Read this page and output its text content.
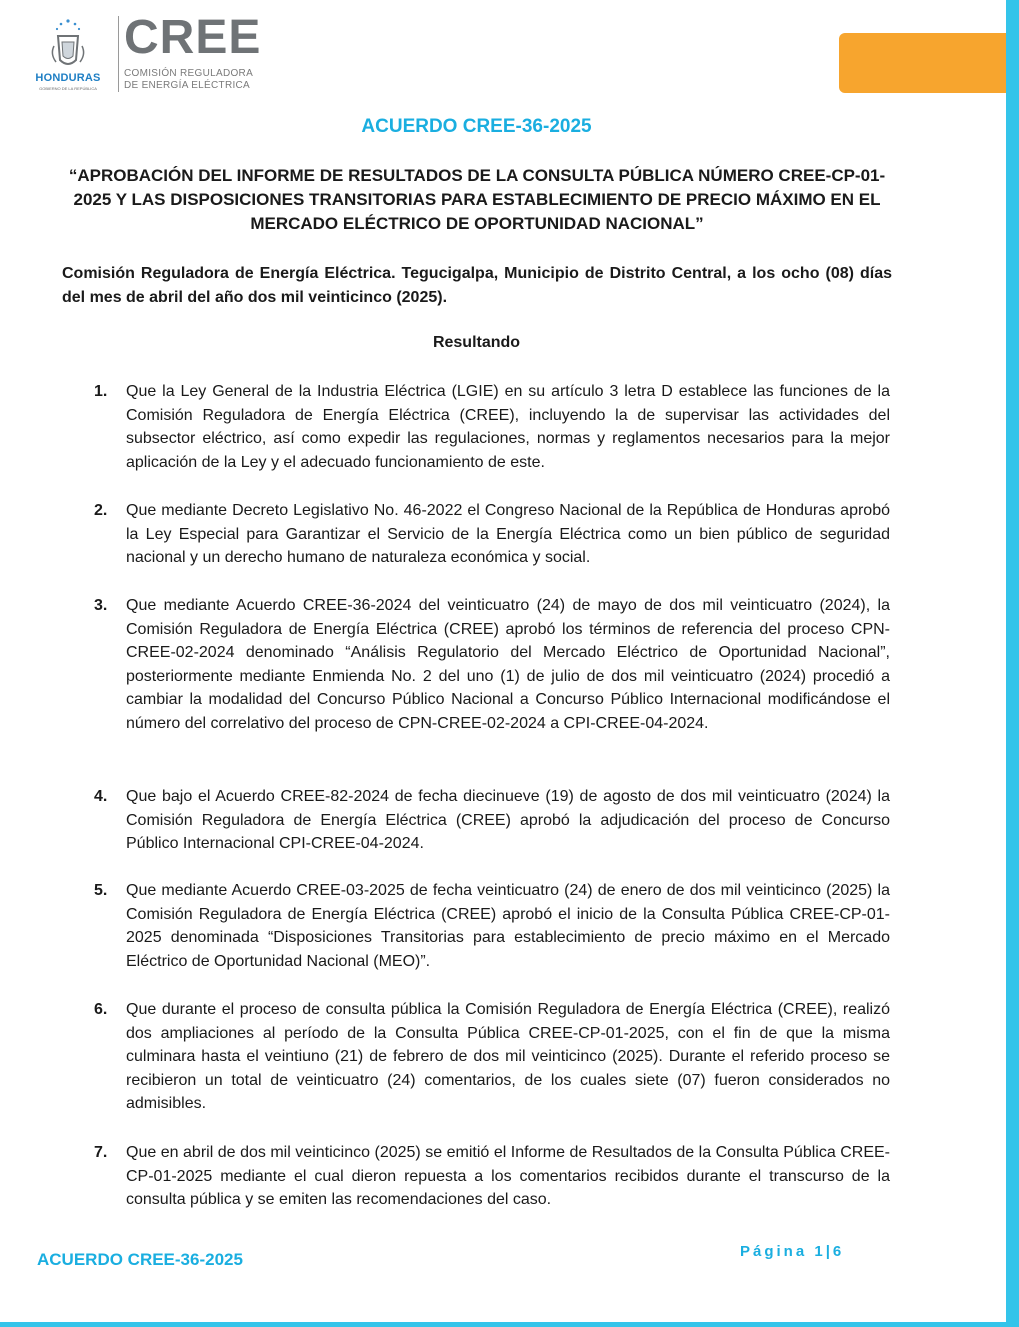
HONDURAS
GOBIERNO DE LA REPÚBLICA
CREE
COMISIÓN REGULADORA
DE ENERGÍA ELÉCTRICA
ACUERDO CREE-36-2025
“APROBACIÓN DEL INFORME DE RESULTADOS DE LA CONSULTA PÚBLICA NÚMERO CREE-CP-01-2025 Y LAS DISPOSICIONES TRANSITORIAS PARA ESTABLECIMIENTO DE PRECIO MÁXIMO EN EL MERCADO ELÉCTRICO DE OPORTUNIDAD NACIONAL”
Comisión Reguladora de Energía Eléctrica. Tegucigalpa, Municipio de Distrito Central, a los ocho (08) días del mes de abril del año dos mil veinticinco (2025).
Resultando
1. Que la Ley General de la Industria Eléctrica (LGIE) en su artículo 3 letra D establece las funciones de la Comisión Reguladora de Energía Eléctrica (CREE), incluyendo la de supervisar las actividades del subsector eléctrico, así como expedir las regulaciones, normas y reglamentos necesarios para la mejor aplicación de la Ley y el adecuado funcionamiento de este.
2. Que mediante Decreto Legislativo No. 46-2022 el Congreso Nacional de la República de Honduras aprobó la Ley Especial para Garantizar el Servicio de la Energía Eléctrica como un bien público de seguridad nacional y un derecho humano de naturaleza económica y social.
3. Que mediante Acuerdo CREE-36-2024 del veinticuatro (24) de mayo de dos mil veinticuatro (2024), la Comisión Reguladora de Energía Eléctrica (CREE) aprobó los términos de referencia del proceso CPN-CREE-02-2024 denominado “Análisis Regulatorio del Mercado Eléctrico de Oportunidad Nacional”, posteriormente mediante Enmienda No. 2 del uno (1) de julio de dos mil veinticuatro (2024) procedió a cambiar la modalidad del Concurso Público Nacional a Concurso Público Internacional modificándose el número del correlativo del proceso de CPN-CREE-02-2024 a CPI-CREE-04-2024.
4. Que bajo el Acuerdo CREE-82-2024 de fecha diecinueve (19) de agosto de dos mil veinticuatro (2024) la Comisión Reguladora de Energía Eléctrica (CREE) aprobó la adjudicación del proceso de Concurso Público Internacional CPI-CREE-04-2024.
5. Que mediante Acuerdo CREE-03-2025 de fecha veinticuatro (24) de enero de dos mil veinticinco (2025) la Comisión Reguladora de Energía Eléctrica (CREE) aprobó el inicio de la Consulta Pública CREE-CP-01-2025 denominada “Disposiciones Transitorias para establecimiento de precio máximo en el Mercado Eléctrico de Oportunidad Nacional (MEO)”.
6. Que durante el proceso de consulta pública la Comisión Reguladora de Energía Eléctrica (CREE), realizó dos ampliaciones al período de la Consulta Pública CREE-CP-01-2025, con el fin de que la misma culminara hasta el veintiuno (21) de febrero de dos mil veinticinco (2025). Durante el referido proceso se recibieron un total de veinticuatro (24) comentarios, de los cuales siete (07) fueron considerados no admisibles.
7. Que en abril de dos mil veinticinco (2025) se emitió el Informe de Resultados de la Consulta Pública CREE-CP-01-2025 mediante el cual dieron repuesta a los comentarios recibidos durante el transcurso de la consulta pública y se emiten las recomendaciones del caso.
ACUERDO CREE-36-2025	Página 1|6
